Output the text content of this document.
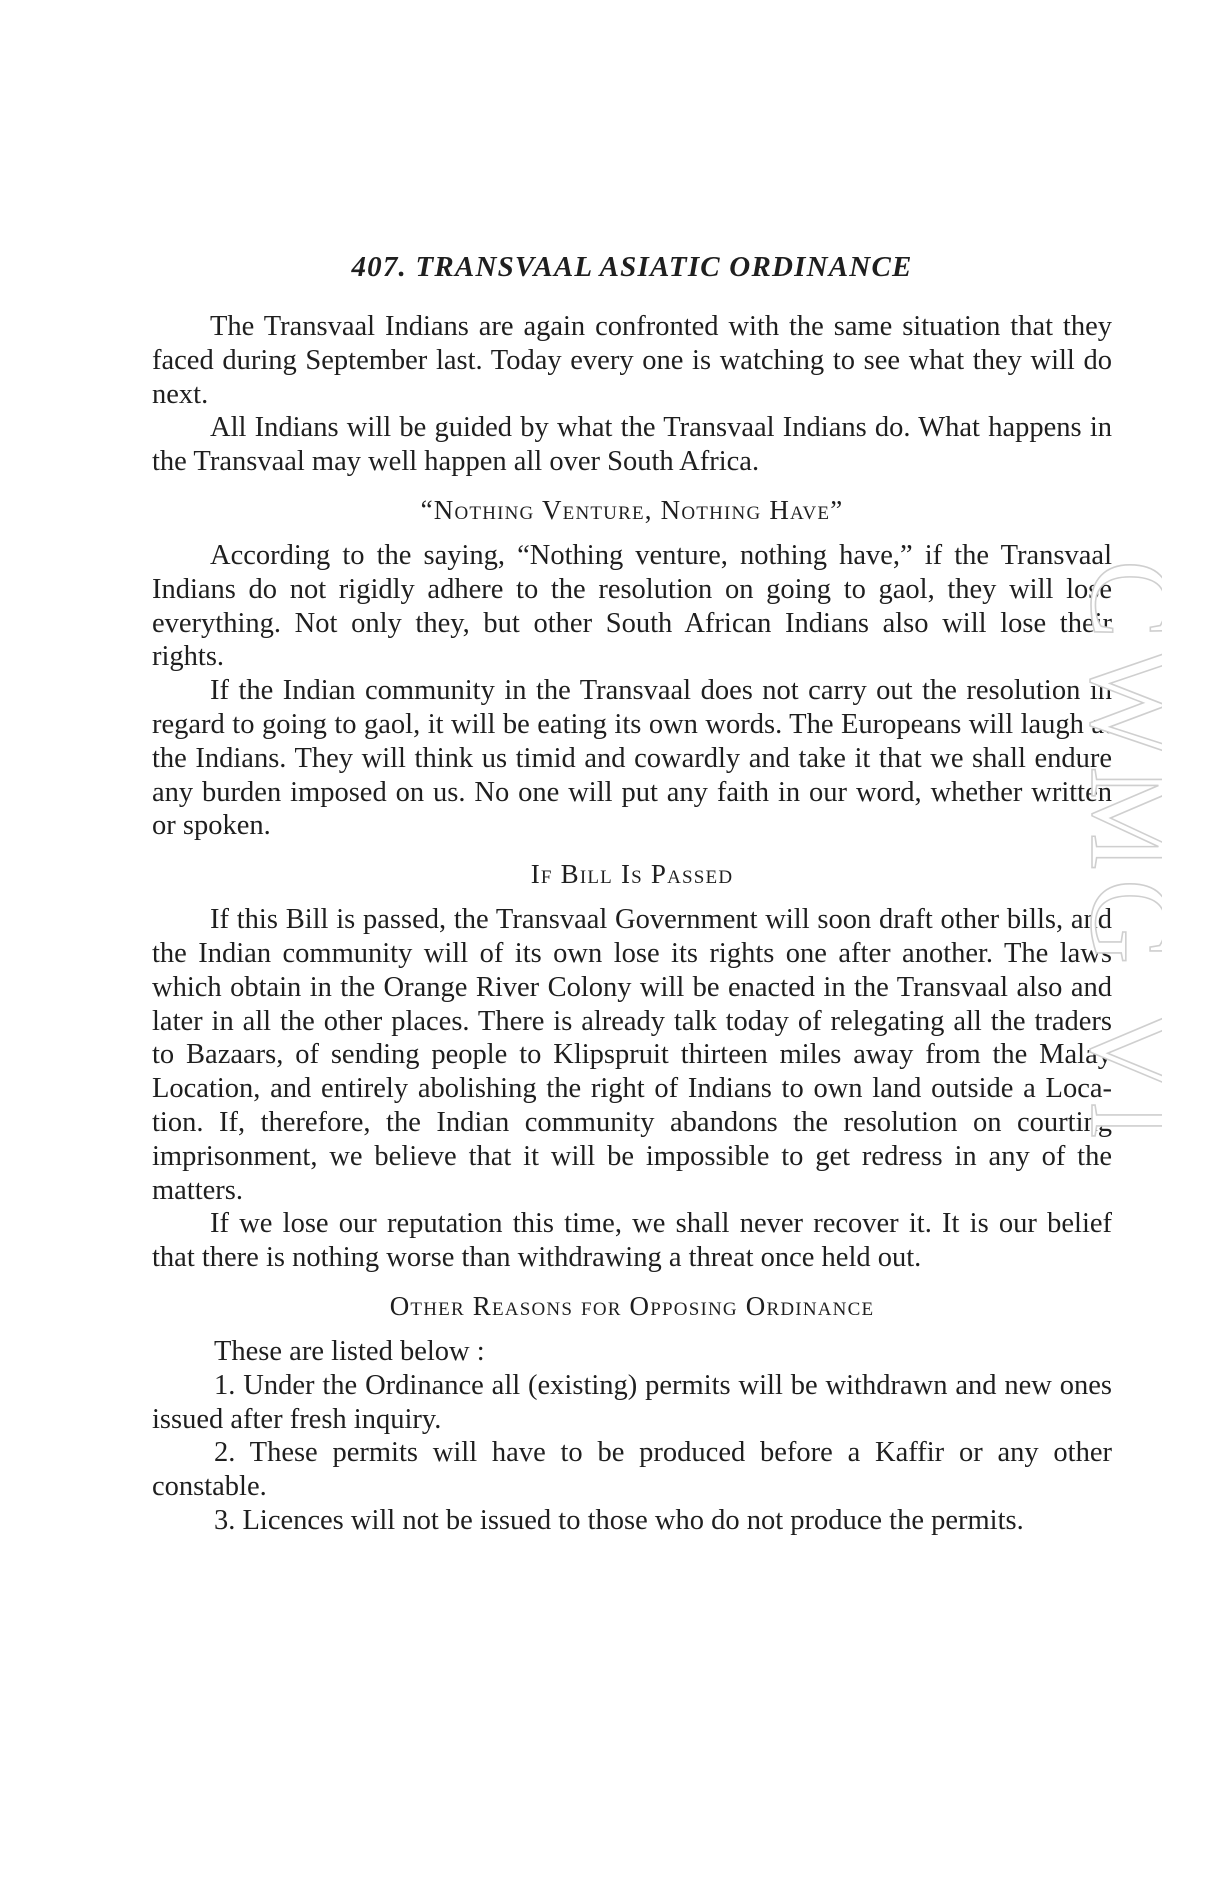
407. TRANSVAAL ASIATIC ORDINANCE

The Transvaal Indians are again confronted with the same situation that they faced during September last. Today every one is watching to see what they will do next.

All Indians will be guided by what the Transvaal Indians do. What happens in the Transvaal may well happen all over South Africa.

“Nothing Venture, Nothing Have”

According to the saying, “Nothing venture, nothing have,” if the Transvaal Indians do not rigidly adhere to the resolution on going to gaol, they will lose everything. Not only they, but other South African Indians also will lose their rights.

If the Indian community in the Transvaal does not carry out the resolution in regard to going to gaol, it will be eating its own words. The Europeans will laugh at the Indians. They will think us timid and cowardly and take it that we shall endure any burden imposed on us. No one will put any faith in our word, whether written or spoken.

If Bill Is Passed

If this Bill is passed, the Transvaal Government will soon draft other bills, and the Indian community will of its own lose its rights one after another. The laws which obtain in the Orange River Colony will be enacted in the Transvaal also and later in all the other places. There is already talk today of relegating all the traders to Bazaars, of sending people to Klipspruit thirteen miles away from the Malay Location, and entirely abolishing the right of Indians to own land outside a Location. If, therefore, the Indian community abandons the resolution on courting imprisonment, we believe that it will be impossible to get redress in any of the matters.

If we lose our reputation this time, we shall never recover it. It is our belief that there is nothing worse than withdrawing a threat once held out.

Other Reasons for Opposing Ordinance

These are listed below :

1. Under the Ordinance all (existing) permits will be withdrawn and new ones issued after fresh inquiry.

2. These permits will have to be produced before a Kaffir or any other constable.

3. Licences will not be issued to those who do not produce the permits.

CWMG VI
